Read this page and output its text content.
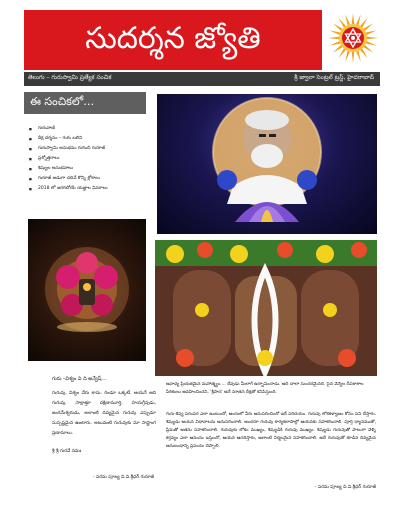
సుదర్శన జ్యోతి
తెలుగు – గురుస్వామి ప్రత్యేక సంచిక	శ్రీ జ్వాలా సెంట్రల్ ట్రస్ట్, హైదరాబాద్
ఈ సంచికలో…
■ గురువాణి
■ దీక్ష దర్శనం – గురు బలిని
■ గురుస్వామి అనుభవం గురించి గురూజీ
■ ప్రశ్నోత్తరాలు
■ శిష్యుల అనుభవాలు
■ గురూజీ అడుగా చదివే కొన్ని శ్లోకాలు
■ 2018 లో జరగబోయే యజ్ఞాల వివరాలు
గురు –విశ్వం వి ది అన్వేష్…
గురువు, విశ్వం వేరు కాదు. రెండూ ఒక్కటే. ఆయనే ఆది గురువు, సాక్షాత్తూ దక్షిణామూర్తి, హయగ్రీవుడు, జంగమేశ్వరుడు, అలాంటి దివ్యమైన గురువు ఎప్పుడూ సుస్పష్టమైన ఉంటారు. అటువంటి గురువుకు మా సాష్టాంగ ప్రణామాలు.
శ్రీ శ్రీ గురవే నమః
- పరమ పూజ్య వి.వి.శ్రీధర్ గురూజీ
అవాధ్య ప్రియతమైన మహాత్మ్యం…. దేవుడు మీలాగే ఉద్భావించాడు. అది చాలా సుందరమైనది. సైన వెన్నెల దీపకాశాల పీఠికంలు ఆవహించిందని, 'శ్రీపాద' అనే నూతన దీక్షతో కనిపిస్తుంది.
గురు-శిష్య పరంపర ఎలా ఉంటుందో, అందులో వీరు అనుసరించిందో ఇదే పరిచయం. గురువు లోకకళ్యాణం కోసం పని చేస్తారు. శిష్యుడు ఆయన విధానాలను అనుసరించాలి. అందరూ గురువు కార్యకలాపాల్లో ఆయనకు సహకరించాలి. పూర్తి ధ్యానముతో, ప్రేమతో అతను సహకరించాలి. గురువుకు లోకం ముఖ్యం, శిష్యుడికి గురువు ముఖ్యం. శిష్యుడు గురువుతో పాటుగా వెళ్ళి కర్తవ్యం ఎలా ఆనందం ఇస్తుందో, ఆయన ఆచరిస్తారు, అలాంటి నిర్మలమైన సహకరించాలి. అదే గురువుతో కూడిన దివ్యమైన అనుబంధాన్ని ప్రపంచం చెప్పాలి.
- పరమ పూజ్య వి.వి.శ్రీధర్ గురూజీ
